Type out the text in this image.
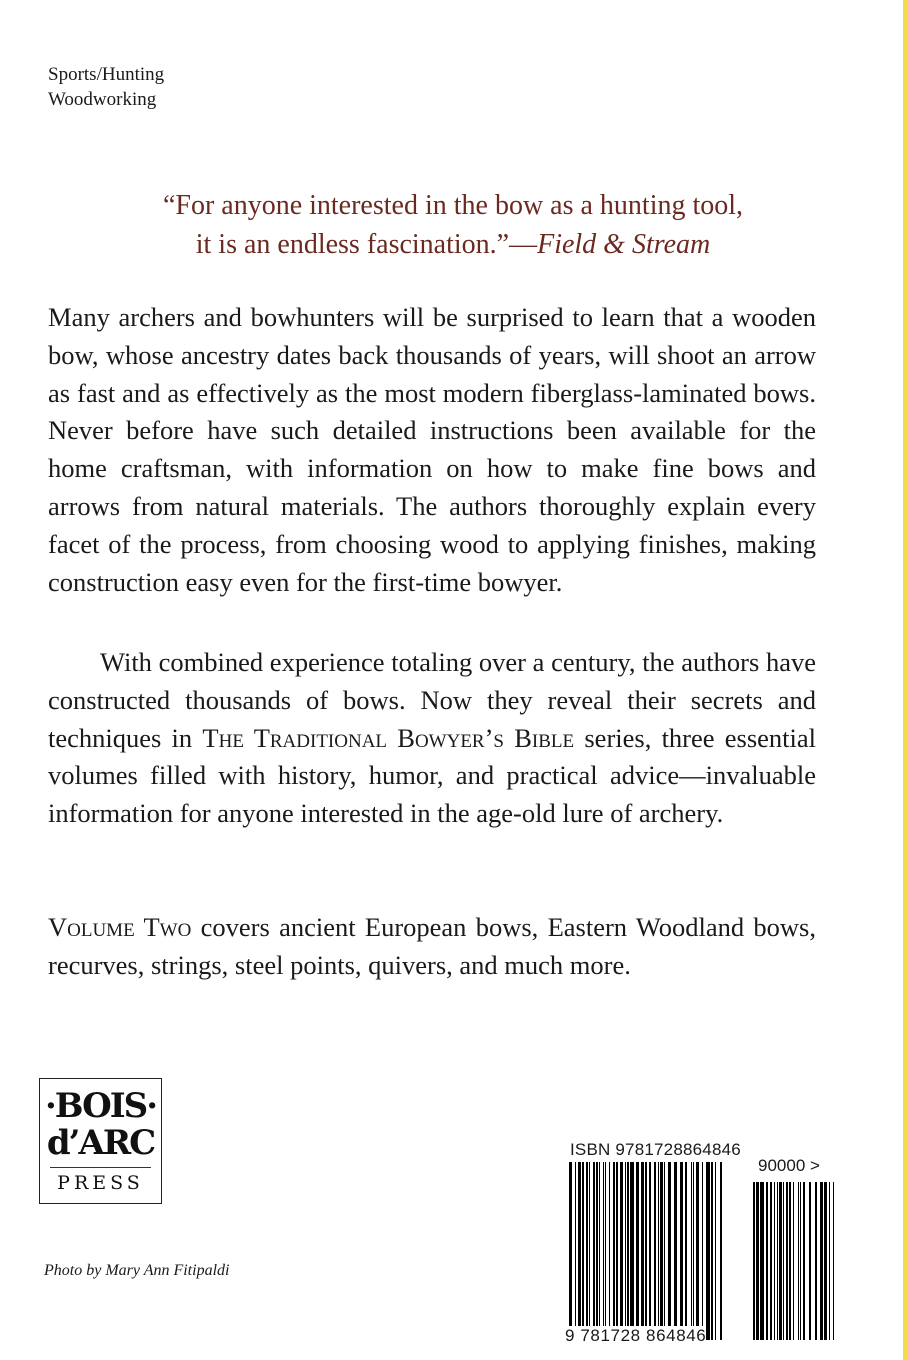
Sports/Hunting
Woodworking
“For anyone interested in the bow as a hunting tool,
it is an endless fascination.”—Field & Stream
Many archers and bowhunters will be surprised to learn that a wooden bow, whose ancestry dates back thousands of years, will shoot an arrow as fast and as effectively as the most modern fiberglass-laminated bows. Never before have such detailed instructions been available for the home craftsman, with information on how to make fine bows and arrows from natural materials. The authors thoroughly explain every facet of the process, from choosing wood to applying finishes, making construction easy even for the first-time bowyer.
With combined experience totaling over a century, the authors have constructed thousands of bows. Now they reveal their secrets and techniques in The Traditional Bowyer’s Bible series, three essential volumes filled with history, humor, and practical advice—invaluable information for anyone interested in the age-old lure of archery.
Volume Two covers ancient European bows, Eastern Woodland bows, recurves, strings, steel points, quivers, and much more.
·BOIS·
d’ARC
PRESS
Photo by Mary Ann Fitipaldi
ISBN 9781728864846
90000 >
9 781728 864846
